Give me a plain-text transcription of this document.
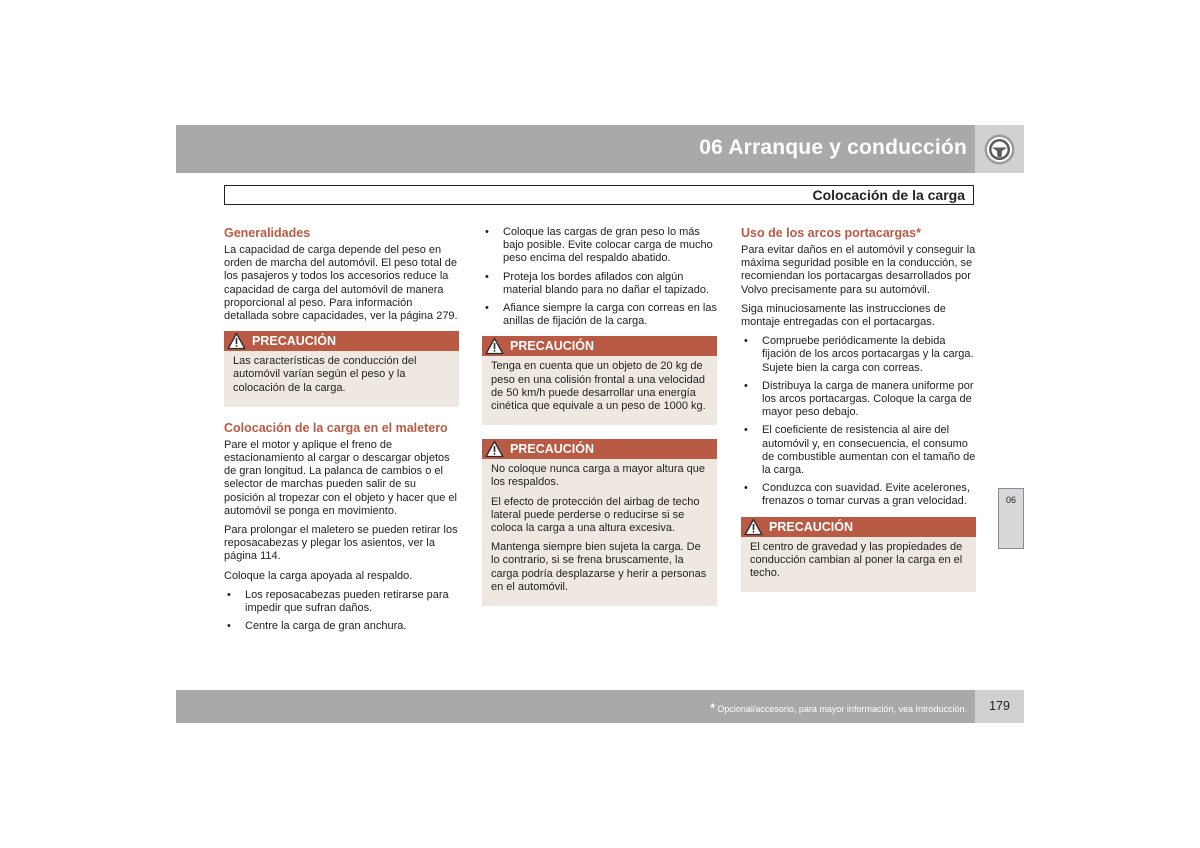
06 Arranque y conducción
Colocación de la carga
Generalidades

La capacidad de carga depende del peso en orden de marcha del automóvil. El peso total de los pasajeros y todos los accesorios reduce la capacidad de carga del automóvil de manera proporcional al peso. Para información detallada sobre capacidades, ver la página 279.

PRECAUCIÓN

Las características de conducción del automóvil varían según el peso y la colocación de la carga.

Colocación de la carga en el maletero

Pare el motor y aplique el freno de estacionamiento al cargar o descargar objetos de gran longitud. La palanca de cambios o el selector de marchas pueden salir de su posición al tropezar con el objeto y hacer que el automóvil se ponga en movimiento.

Para prolongar el maletero se pueden retirar los reposacabezas y plegar los asientos, ver la página 114.

Coloque la carga apoyada al respaldo.

• Los reposacabezas pueden retirarse para impedir que sufran daños.
• Centre la carga de gran anchura.
• Coloque las cargas de gran peso lo más bajo posible. Evite colocar carga de mucho peso encima del respaldo abatido.
• Proteja los bordes afilados con algún material blando para no dañar el tapizado.
• Afiance siempre la carga con correas en las anillas de fijación de la carga.
PRECAUCIÓN

Tenga en cuenta que un objeto de 20 kg de peso en una colisión frontal a una velocidad de 50 km/h puede desarrollar una energía cinética que equivale a un peso de 1000 kg.

PRECAUCIÓN

No coloque nunca carga a mayor altura que los respaldos.

El efecto de protección del airbag de techo lateral puede perderse o reducirse si se coloca la carga a una altura excesiva.

Mantenga siempre bien sujeta la carga. De lo contrario, si se frena bruscamente, la carga podría desplazarse y herir a personas en el automóvil.

Uso de los arcos portacargas*

Para evitar daños en el automóvil y conseguir la máxima seguridad posible en la conducción, se recomiendan los portacargas desarrollados por Volvo precisamente para su automóvil.

Siga minuciosamente las instrucciones de montaje entregadas con el portacargas.

• Compruebe periódicamente la debida fijación de los arcos portacargas y la carga. Sujete bien la carga con correas.
• Distribuya la carga de manera uniforme por los arcos portacargas. Coloque la carga de mayor peso debajo.
• El coeficiente de resistencia al aire del automóvil y, en consecuencia, el consumo de combustible aumentan con el tamaño de la carga.
• Conduzca con suavidad. Evite acelerones, frenazos o tomar curvas a gran velocidad.
PRECAUCIÓN

El centro de gravedad y las propiedades de conducción cambian al poner la carga en el techo.

06
* Opcional/accesorio, para mayor información, vea Introducción.	179
